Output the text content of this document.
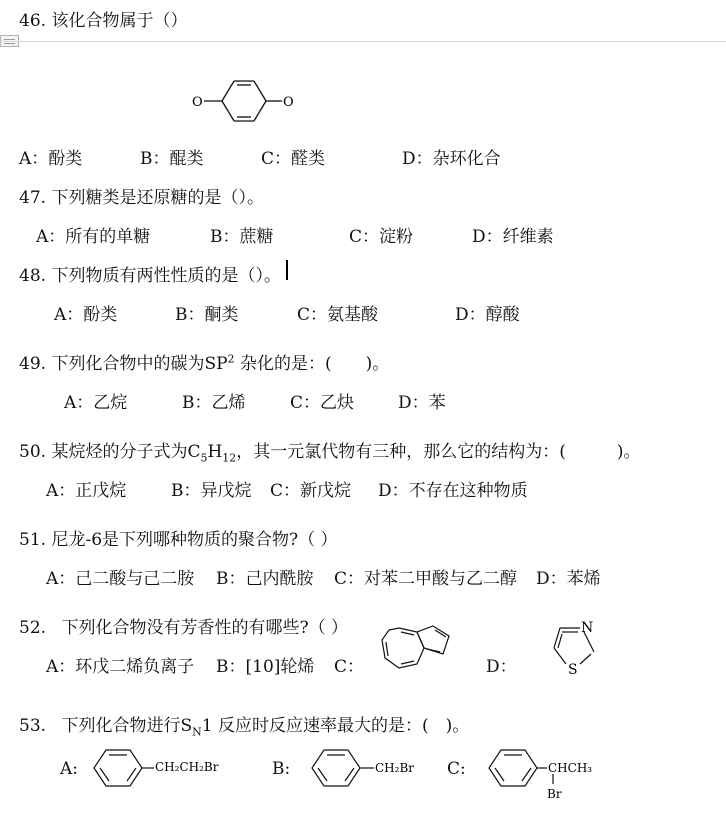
46. 该化合物属于（）
O	O
A：酚类	B：醌类	C：醛类	D：杂环化合
47. 下列糖类是还原糖的是（）。
A：所有的单糖	B：蔗糖	C：淀粉	D：纤维素
48. 下列物质有两性性质的是（）。
A：酚类	B：酮类	C：氨基酸	D：醇酸
49. 下列化合物中的碳为$SP^2$ 杂化的是：(　　)。
A：乙烷	B：乙烯	C：乙炔	D：苯
50. 某烷烃的分子式为$C_5H_{12}$，其一元氯代物有三种，那么它的结构为：(　　　)。
A：正戊烷	B：异戊烷 C：新戊烷 D：不存在这种物质
51. 尼龙-6是下列哪种物质的聚合物?（ ）
A：己二酸与己二胺 B：己内酰胺 C：对苯二甲酸与乙二醇 D：苯烯
52. 下列化合物没有芳香性的有哪些?（ ）
A：环戊二烯负离子 B：[10]轮烯 C：	D：
N
S
53. 下列化合物进行$S_N1$ 反应时反应速率最大的是：(　)。
A:	B:	C:
CH₂CH₂Br	CH₂Br	CHCH₃
Br
